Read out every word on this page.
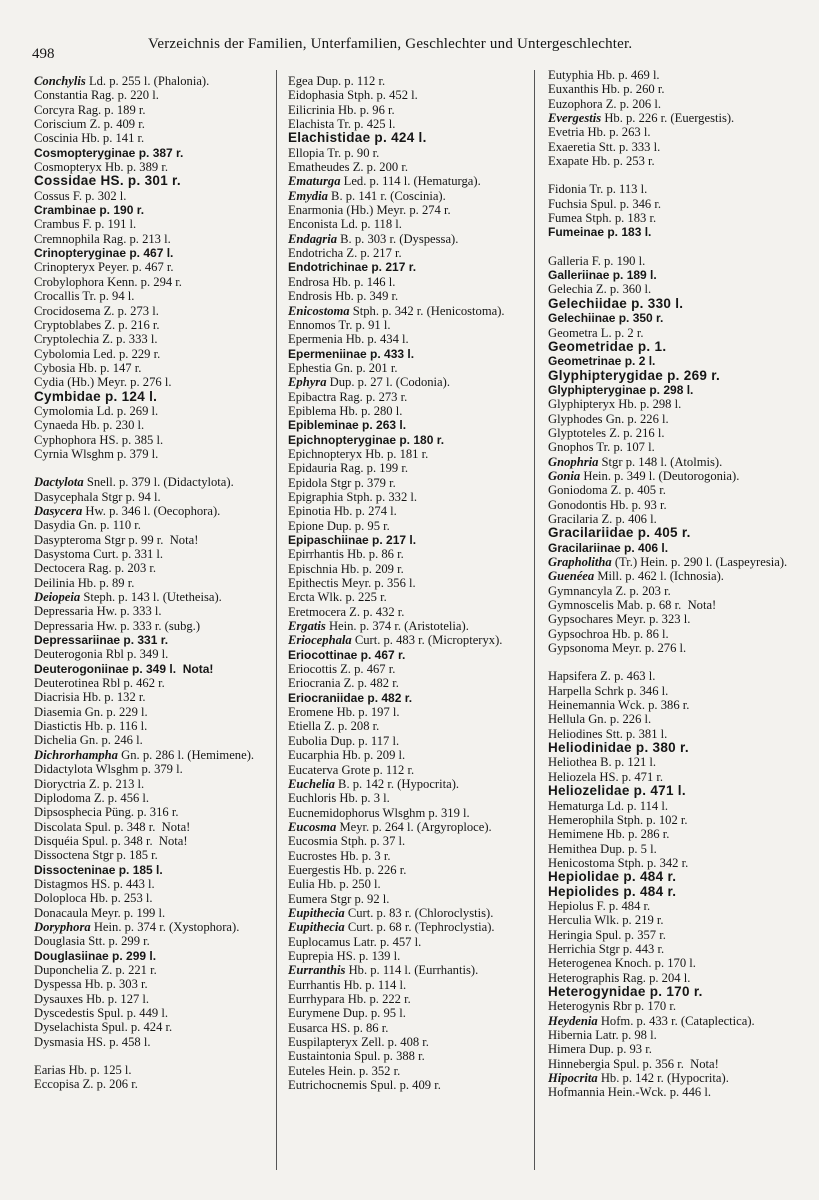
498
Verzeichnis der Familien, Unterfamilien, Geschlechter und Untergeschlechter.
Conchylis Ld. p. 255 l. (Phalonia).
Constantia Rag. p. 220 l.
Corcyra Rag. p. 189 r.
Coriscium Z. p. 409 r.
Coscinia Hb. p. 141 r.
Cosmopteryginae p. 387 r.
Cosmopteryx Hb. p. 389 r.
Cossidae HS. p. 301 r.
Cossus F. p. 302 l.
Crambinae p. 190 r.
Crambus F. p. 191 l.
Cremnophila Rag. p. 213 l.
Crinopteryginae p. 467 l.
Crinopteryx Peyer. p. 467 r.
Crobylophora Kenn. p. 294 r.
Crocallis Tr. p. 94 l.
Crocidosema Z. p. 273 l.
Cryptoblabes Z. p. 216 r.
Cryptolechia Z. p. 333 l.
Cybolomia Led. p. 229 r.
Cybosia Hb. p. 147 r.
Cydia (Hb.) Meyr. p. 276 l.
Cymbidae p. 124 l.
Cymolomia Ld. p. 269 l.
Cynaeda Hb. p. 230 l.
Cyphophora HS. p. 385 l.
Cyrnia Wlsghm p. 379 l.
Dactylota Snell. p. 379 l. (Didactylota).
Dasycephala Stgr p. 94 l.
Dasycera Hw. p. 346 l. (Oecophora).
Dasydia Gn. p. 110 r.
Dasypteroma Stgr p. 99 r.  Nota!
Dasystoma Curt. p. 331 l.
Dectocera Rag. p. 203 r.
Deilinia Hb. p. 89 r.
Deiopeia Steph. p. 143 l. (Utetheisa).
Depressaria Hw. p. 333 l.
Depressaria Hw. p. 333 r. (subg.)
Depressariinae p. 331 r.
Deuterogonia Rbl p. 349 l.
Deuterogoniinae p. 349 l.  Nota!
Deuterotinea Rbl p. 462 r.
Diacrisia Hb. p. 132 r.
Diasemia Gn. p. 229 l.
Diastictis Hb. p. 116 l.
Dichelia Gn. p. 246 l.
Dichrorhampha Gn. p. 286 l. (Hemimene).
Didactylota Wlsghm p. 379 l.
Dioryctria Z. p. 213 l.
Diplodoma Z. p. 456 l.
Dipsosphecia Püng. p. 316 r.
Discolata Spul. p. 348 r.  Nota!
Disquéia Spul. p. 348 r.  Nota!
Dissoctena Stgr p. 185 r.
Dissocteninae p. 185 l.
Distagmos HS. p. 443 l.
Doloploca Hb. p. 253 l.
Donacaula Meyr. p. 199 l.
Doryphora Hein. p. 374 r. (Xystophora).
Douglasia Stt. p. 299 r.
Douglasiinae p. 299 l.
Duponchelia Z. p. 221 r.
Dyspessa Hb. p. 303 r.
Dysauxes Hb. p. 127 l.
Dyscedestis Spul. p. 449 l.
Dyselachista Spul. p. 424 r.
Dysmasia HS. p. 458 l.
Earias Hb. p. 125 l.
Eccopisa Z. p. 206 r.
Egea Dup. p. 112 r.
Eidophasia Stph. p. 452 l.
Eilicrinia Hb. p. 96 r.
Elachista Tr. p. 425 l.
Elachistidae p. 424 l.
Ellopia Tr. p. 90 r.
Ematheudes Z. p. 200 r.
Ematurga Led. p. 114 l. (Hematurga).
Emydia B. p. 141 r. (Coscinia).
Enarmonia (Hb.) Meyr. p. 274 r.
Enconista Ld. p. 118 l.
Endagria B. p. 303 r. (Dyspessa).
Endotricha Z. p. 217 r.
Endotrichinae p. 217 r.
Endrosa Hb. p. 146 l.
Endrosis Hb. p. 349 r.
Enicostoma Stph. p. 342 r. (Henicostoma).
Ennomos Tr. p. 91 l.
Epermenia Hb. p. 434 l.
Epermeniinae p. 433 l.
Ephestia Gn. p. 201 r.
Ephyra Dup. p. 27 l. (Codonia).
Epibactra Rag. p. 273 r.
Epiblema Hb. p. 280 l.
Epibleminae p. 263 l.
Epichnopteryginae p. 180 r.
Epichnopteryx Hb. p. 181 r.
Epidauria Rag. p. 199 r.
Epidola Stgr p. 379 r.
Epigraphia Stph. p. 332 l.
Epinotia Hb. p. 274 l.
Epione Dup. p. 95 r.
Epipaschiinae p. 217 l.
Epirrhantis Hb. p. 86 r.
Epischnia Hb. p. 209 r.
Epithectis Meyr. p. 356 l.
Ercta Wlk. p. 225 r.
Eretmocera Z. p. 432 r.
Ergatis Hein. p. 374 r. (Aristotelia).
Eriocephala Curt. p. 483 r. (Micropteryx).
Eriocottinae p. 467 r.
Eriocottis Z. p. 467 r.
Eriocrania Z. p. 482 r.
Eriocraniidae p. 482 r.
Eromene Hb. p. 197 l.
Etiella Z. p. 208 r.
Eubolia Dup. p. 117 l.
Eucarphia Hb. p. 209 l.
Eucaterva Grote p. 112 r.
Euchelia B. p. 142 r. (Hypocrita).
Euchloris Hb. p. 3 l.
Eucnemidophorus Wlsghm p. 319 l.
Eucosma Meyr. p. 264 l. (Argyroploce).
Eucosmia Stph. p. 37 l.
Eucrostes Hb. p. 3 r.
Euergestis Hb. p. 226 r.
Eulia Hb. p. 250 l.
Eumera Stgr p. 92 l.
Eupithecia Curt. p. 83 r. (Chloroclystis).
Eupithecia Curt. p. 68 r. (Tephroclystia).
Euplocamus Latr. p. 457 l.
Euprepia HS. p. 139 l.
Eurranthis Hb. p. 114 l. (Eurrhantis).
Eurrhantis Hb. p. 114 l.
Eurrhypara Hb. p. 222 r.
Eurymene Dup. p. 95 l.
Eusarca HS. p. 86 r.
Euspilapteryx Zell. p. 408 r.
Eustaintonia Spul. p. 388 r.
Euteles Hein. p. 352 r.
Eutrichocnemis Spul. p. 409 r.
Eutyphia Hb. p. 469 l.
Euxanthis Hb. p. 260 r.
Euzophora Z. p. 206 l.
Evergestis Hb. p. 226 r. (Euergestis).
Evetria Hb. p. 263 l.
Exaeretia Stt. p. 333 l.
Exapate Hb. p. 253 r.
Fidonia Tr. p. 113 l.
Fuchsia Spul. p. 346 r.
Fumea Stph. p. 183 r.
Fumeinae p. 183 l.
Galleria F. p. 190 l.
Galleriinae p. 189 l.
Gelechia Z. p. 360 l.
Gelechiidae p. 330 l.
Gelechiinae p. 350 r.
Geometra L. p. 2 r.
Geometridae p. 1.
Geometrinae p. 2 l.
Glyphipterygidae p. 269 r.
Glyphipteryginae p. 298 l.
Glyphipteryx Hb. p. 298 l.
Glyphodes Gn. p. 226 l.
Glyptoteles Z. p. 216 l.
Gnophos Tr. p. 107 l.
Gnophria Stgr p. 148 l. (Atolmis).
Gonia Hein. p. 349 l. (Deutorogonia).
Goniodoma Z. p. 405 r.
Gonodontis Hb. p. 93 r.
Gracilaria Z. p. 406 l.
Gracilariidae p. 405 r.
Gracilariinae p. 406 l.
Grapholitha (Tr.) Hein. p. 290 l. (Laspeyresia).
Guenéea Mill. p. 462 l. (Ichnosia).
Gymnancyla Z. p. 203 r.
Gymnoscelis Mab. p. 68 r.  Nota!
Gypsochares Meyr. p. 323 l.
Gypsochroa Hb. p. 86 l.
Gypsonoma Meyr. p. 276 l.
Hapsifera Z. p. 463 l.
Harpella Schrk p. 346 l.
Heinemannia Wck. p. 386 r.
Hellula Gn. p. 226 l.
Heliodines Stt. p. 381 l.
Heliodinidae p. 380 r.
Heliothea B. p. 121 l.
Heliozela HS. p. 471 r.
Heliozelidae p. 471 l.
Hematurga Ld. p. 114 l.
Hemerophila Stph. p. 102 r.
Hemimene Hb. p. 286 r.
Hemithea Dup. p. 5 l.
Henicostoma Stph. p. 342 r.
Hepiolidae p. 484 r.
Hepiolides p. 484 r.
Hepiolus F. p. 484 r.
Herculia Wlk. p. 219 r.
Heringia Spul. p. 357 r.
Herrichia Stgr p. 443 r.
Heterogenea Knoch. p. 170 l.
Heterographis Rag. p. 204 l.
Heterogynidae p. 170 r.
Heterogynis Rbr p. 170 r.
Heydenia Hofm. p. 433 r. (Cataplectica).
Hibernia Latr. p. 98 l.
Himera Dup. p. 93 r.
Hinnebergia Spul. p. 356 r.  Nota!
Hipocrita Hb. p. 142 r. (Hypocrita).
Hofmannia Hein.-Wck. p. 446 l.
